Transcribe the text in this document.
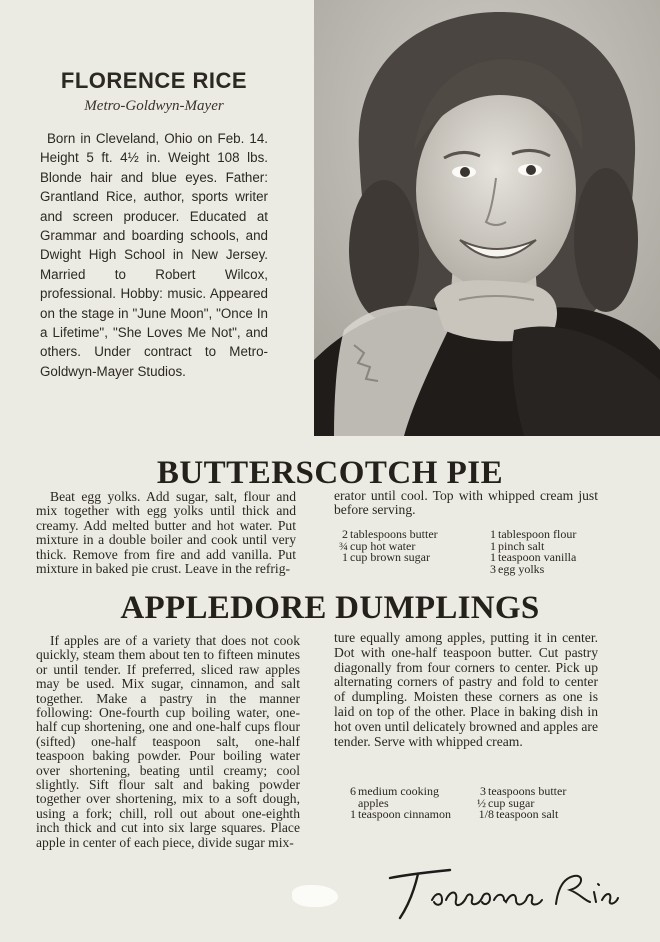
FLORENCE RICE
Metro-Goldwyn-Mayer

Born in Cleveland, Ohio on Feb. 14. Height 5 ft. 4½ in. Weight 108 lbs. Blonde hair and blue eyes. Father: Grantland Rice, author, sports writer and screen producer. Educated at Grammar and boarding schools, and Dwight High School in New Jersey. Married to Robert Wilcox, professional. Hobby: music. Appeared on the stage in "June Moon", "Once In a Lifetime", "She Loves Me Not", and others. Under contract to Metro-Goldwyn-Mayer Studios.

BUTTERSCOTCH PIE

Beat egg yolks. Add sugar, salt, flour and mix together with egg yolks until thick and creamy. Add melted butter and hot water. Put mixture in a double boiler and cook until very thick. Remove from fire and add vanilla. Put mixture in baked pie crust. Leave in the refrig-

erator until cool. Top with whipped cream just before serving.

2 tablespoons butter
¾ cup hot water
1 cup brown sugar
1 tablespoon flour
1 pinch salt
1 teaspoon vanilla
3 egg yolks
APPLEDORE DUMPLINGS

If apples are of a variety that does not cook quickly, steam them about ten to fifteen minutes or until tender. If preferred, sliced raw apples may be used. Mix sugar, cinnamon, and salt together. Make a pastry in the manner following: One-fourth cup boiling water, one-half cup shortening, one and one-half cups flour (sifted) one-half teaspoon salt, one-half teaspoon baking powder. Pour boiling water over shortening, beating until creamy; cool slightly. Sift flour salt and baking powder together over shortening, mix to a soft dough, using a fork; chill, roll out about one-eighth inch thick and cut into six large squares. Place apple in center of each piece, divide sugar mix-

ture equally among apples, putting it in center. Dot with one-half teaspoon butter. Cut pastry diagonally from four corners to center. Pick up alternating corners of pastry and fold to center of dumpling. Moisten these corners as one is laid on top of the other. Place in baking dish in hot oven until delicately browned and apples are tender. Serve with whipped cream.

6 medium cooking apples
1 teaspoon cinnamon
3 teaspoons butter
½ cup sugar
1/8 teaspoon salt
